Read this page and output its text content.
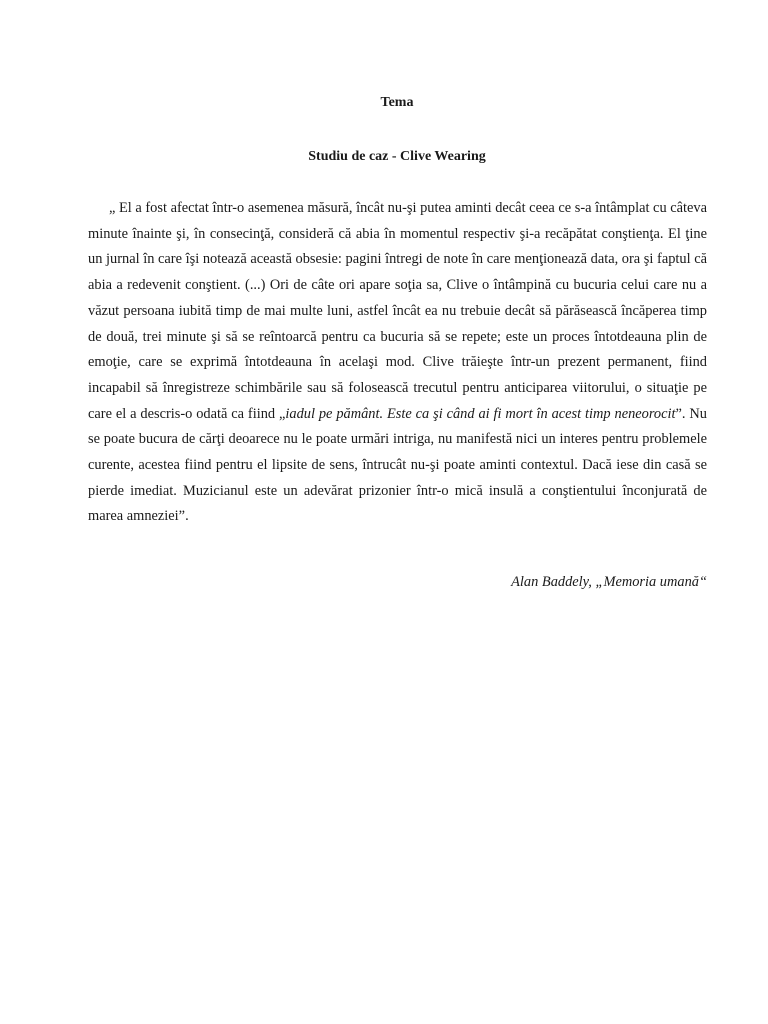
Tema

Studiu de caz - Clive Wearing

„ El a fost afectat într-o asemenea măsură, încât nu-şi putea aminti decât ceea ce s-a întâmplat cu câteva minute înainte şi, în consecinţă, consideră că abia în momentul respectiv şi-a recăpătat conştienţa. El ţine un jurnal în care îşi notează această obsesie: pagini întregi de note în care menţionează data, ora şi faptul că abia a redevenit conştient. (...) Ori de câte ori apare soţia sa, Clive o întâmpină cu bucuria celui care nu a văzut persoana iubită timp de mai multe luni, astfel încât ea nu trebuie decât să părăsească încăperea timp de două, trei minute şi să se reîntoarcă pentru ca bucuria să se repete; este un proces întotdeauna plin de emoţie, care se exprimă întotdeauna în acelaşi mod. Clive trăieşte într-un prezent permanent, fiind incapabil să înregistreze schimbările sau să folosească trecutul pentru anticiparea viitorului, o situaţie pe care el a descris-o odată ca fiind „iadul pe pământ. Este ca şi când ai fi mort în acest timp neneorocit”. Nu se poate bucura de cărţi deoarece nu le poate urmări intriga, nu manifestă nici un interes pentru problemele curente, acestea fiind pentru el lipsite de sens, întrucât nu-şi poate aminti contextul. Dacă iese din casă se pierde imediat. Muzicianul este un adevărat prizonier într-o mică insulă a conştientului înconjurată de marea amneziei”.

Alan Baddely, „Memoria umană“
